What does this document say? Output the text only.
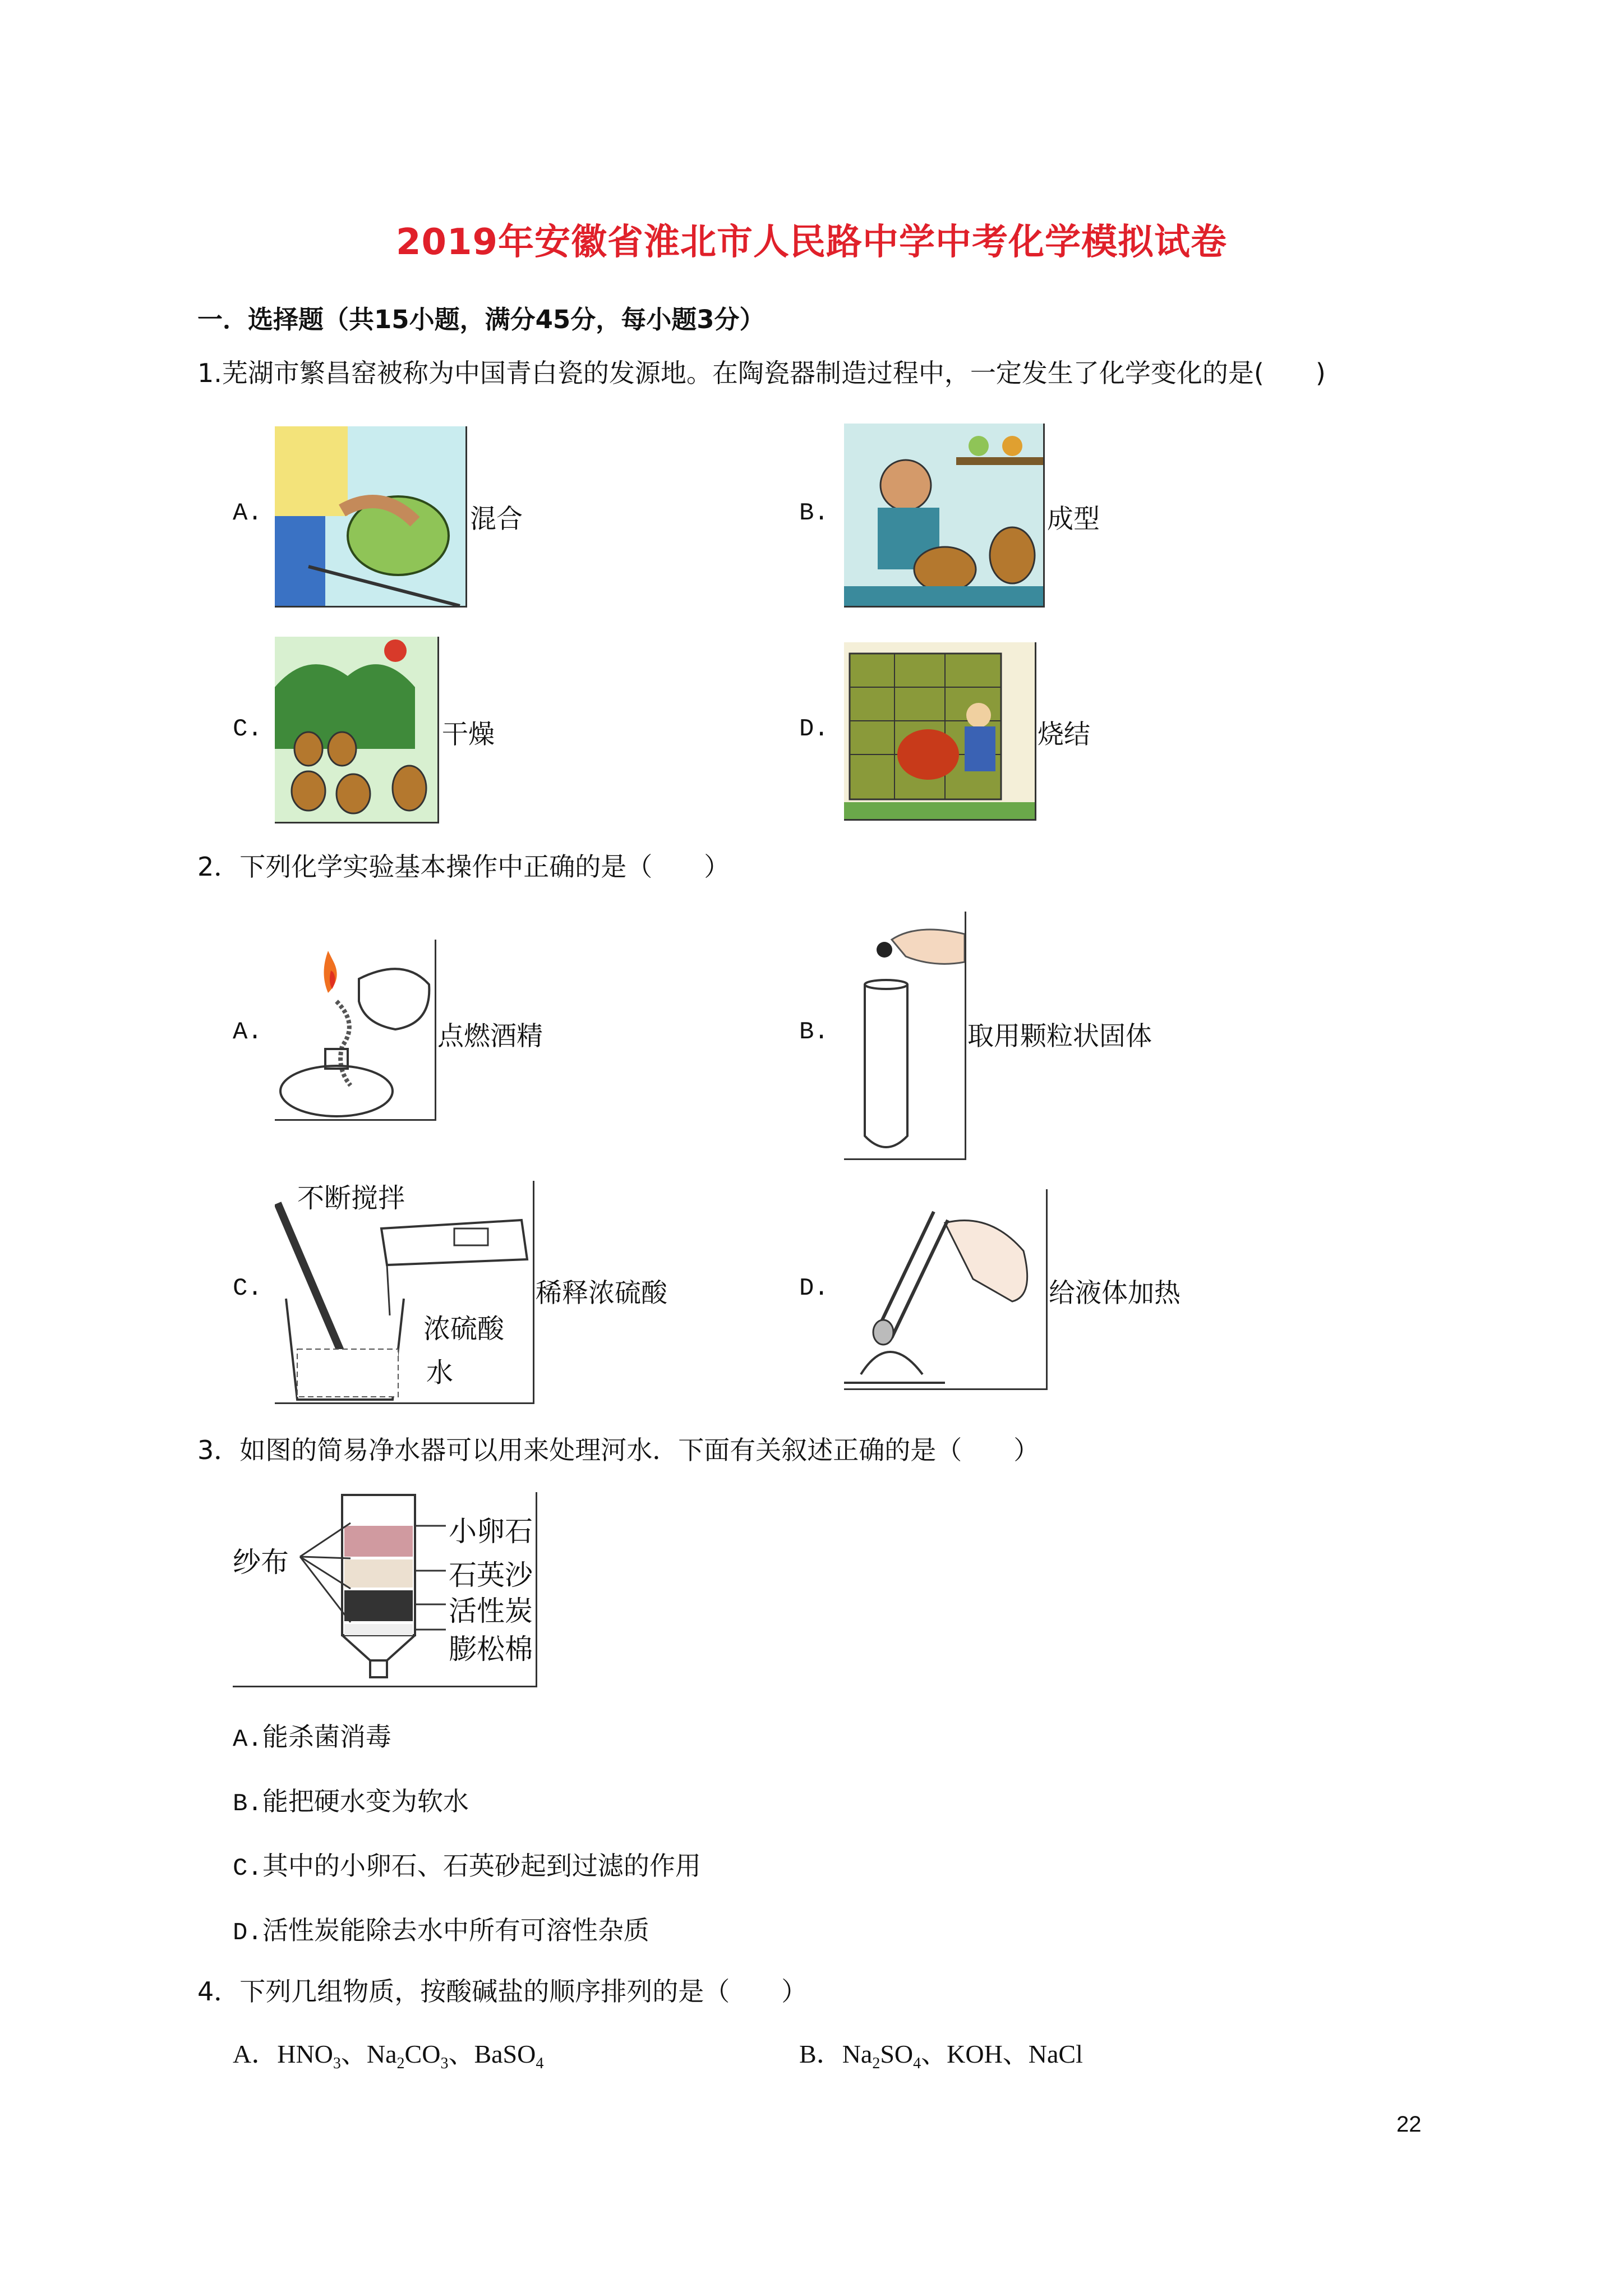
2019年安徽省淮北市人民路中学中考化学模拟试卷
一．选择题（共15小题，满分45分，每小题3分）
1.芜湖市繁昌窑被称为中国青白瓷的发源地。在陶瓷器制造过程中，一定发生了化学变化的是(　　)
A.	混合	B.	成型
C.	干燥	D.	烧结
2．下列化学实验基本操作中正确的是（　　）
A.	点燃酒精	B.	取用颗粒状固体
C.
不断搅拌
浓硫酸
水
稀释浓硫酸	D.	给液体加热
3．如图的简易净水器可以用来处理河水．下面有关叙述正确的是（　　）
纱布
小卵石
石英沙
活性炭
膨松棉
A.能杀菌消毒
B.能把硬水变为软水
C.其中的小卵石、石英砂起到过滤的作用
D.活性炭能除去水中所有可溶性杂质
4．下列几组物质，按酸碱盐的顺序排列的是（　　）
A．$HNO_3$、$Na_2CO_3$、BaSO$_4$	B．$Na_2SO_4$、KOH、NaCl
22
